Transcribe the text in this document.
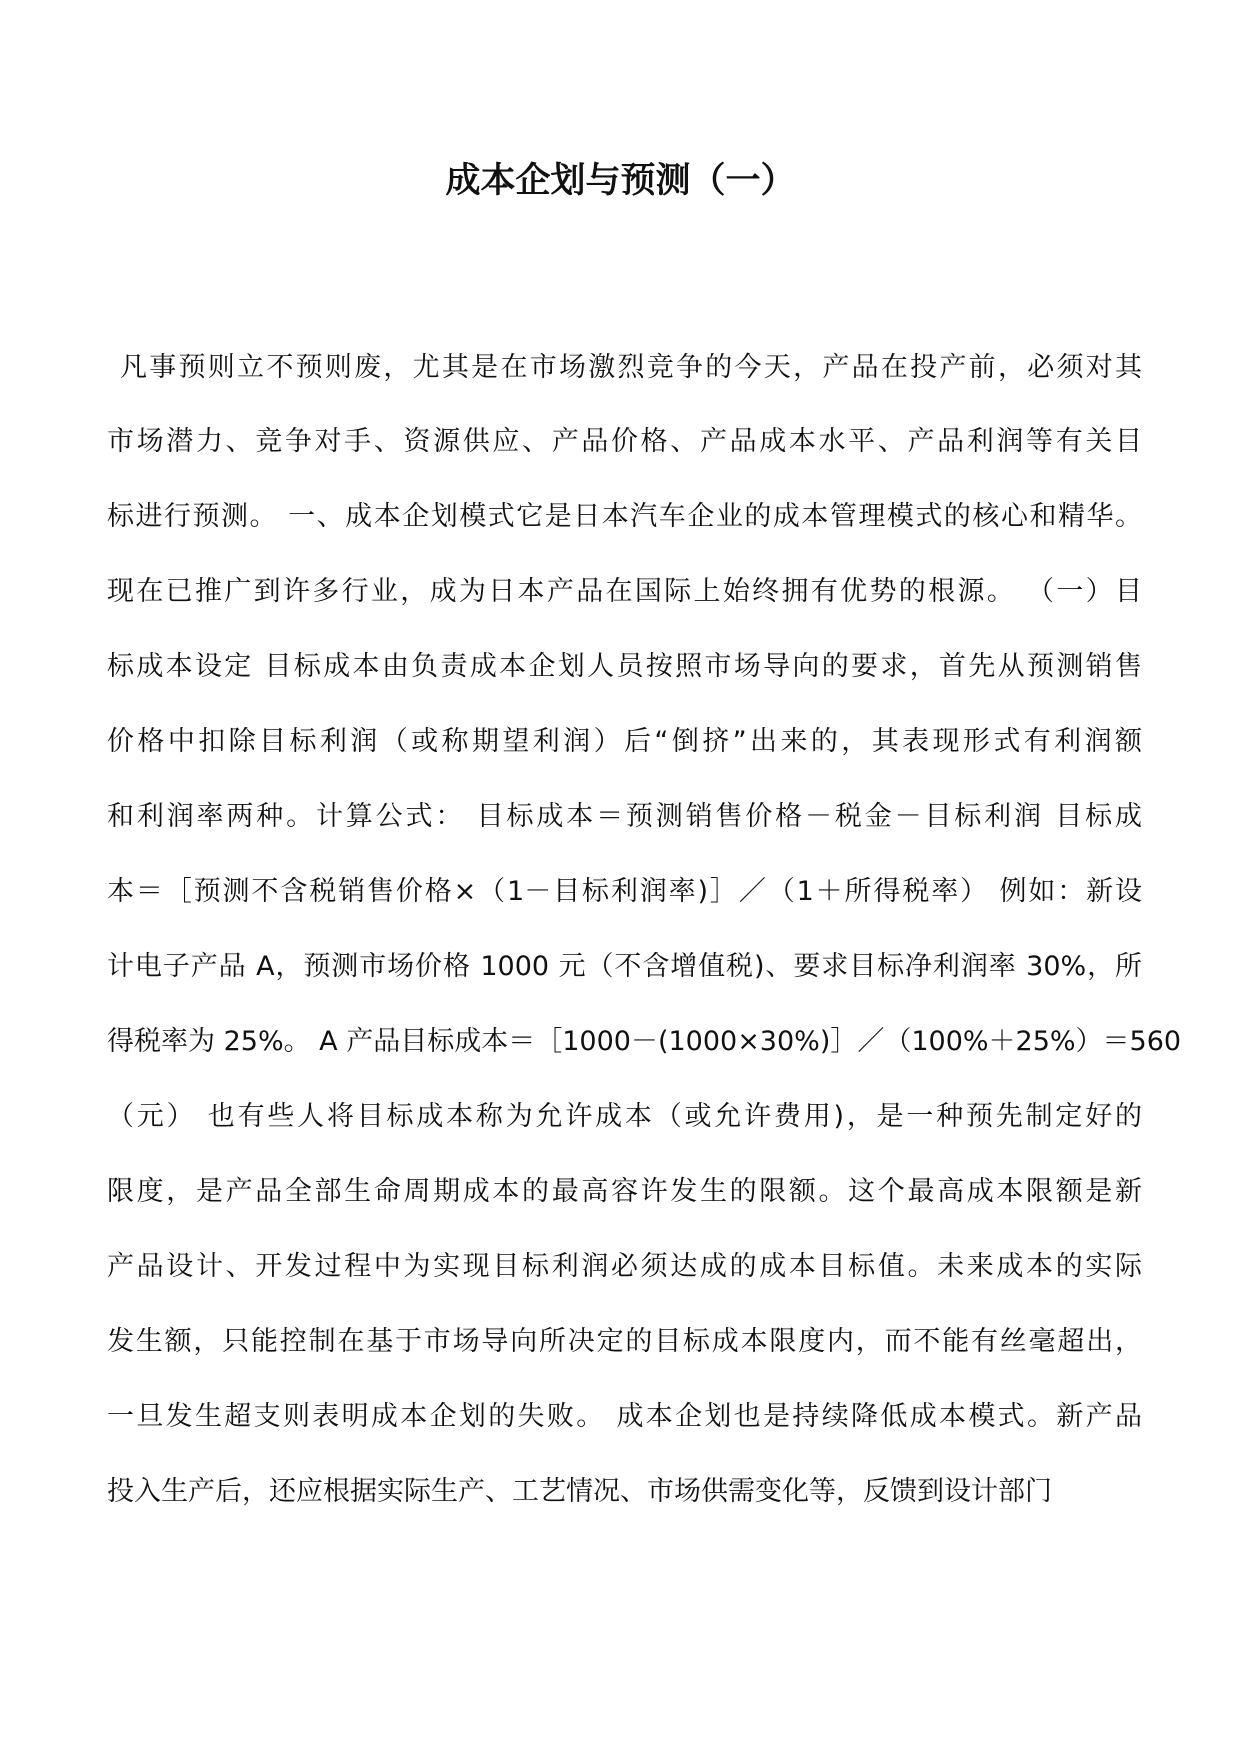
成本企划与预测（一）
凡事预则立不预则废，尤其是在市场激烈竞争的今天，产品在投产前，必须对其
市场潜力、竞争对手、资源供应、产品价格、产品成本水平、产品利润等有关目
标进行预测。 一、成本企划模式它是日本汽车企业的成本管理模式的核心和精华。
现在已推广到许多行业，成为日本产品在国际上始终拥有优势的根源。 （一）目
标成本设定 目标成本由负责成本企划人员按照市场导向的要求，首先从预测销售
价格中扣除目标利润（或称期望利润）后“倒挤”出来的，其表现形式有利润额
和利润率两种。计算公式： 目标成本＝预测销售价格－税金－目标利润 目标成
本＝［预测不含税销售价格×（1－目标利润率)］／（1＋所得税率） 例如：新设
计电子产品 A，预测市场价格 1000 元（不含增值税)、要求目标净利润率 30%，所
得税率为 25%。 A 产品目标成本＝［1000－(1000×30%)］／（100%＋25%）＝560
（元） 也有些人将目标成本称为允许成本（或允许费用)，是一种预先制定好的
限度，是产品全部生命周期成本的最高容许发生的限额。这个最高成本限额是新
产品设计、开发过程中为实现目标利润必须达成的成本目标值。未来成本的实际
发生额，只能控制在基于市场导向所决定的目标成本限度内，而不能有丝毫超出，
一旦发生超支则表明成本企划的失败。 成本企划也是持续降低成本模式。新产品
投入生产后，还应根据实际生产、工艺情况、市场供需变化等，反馈到设计部门
